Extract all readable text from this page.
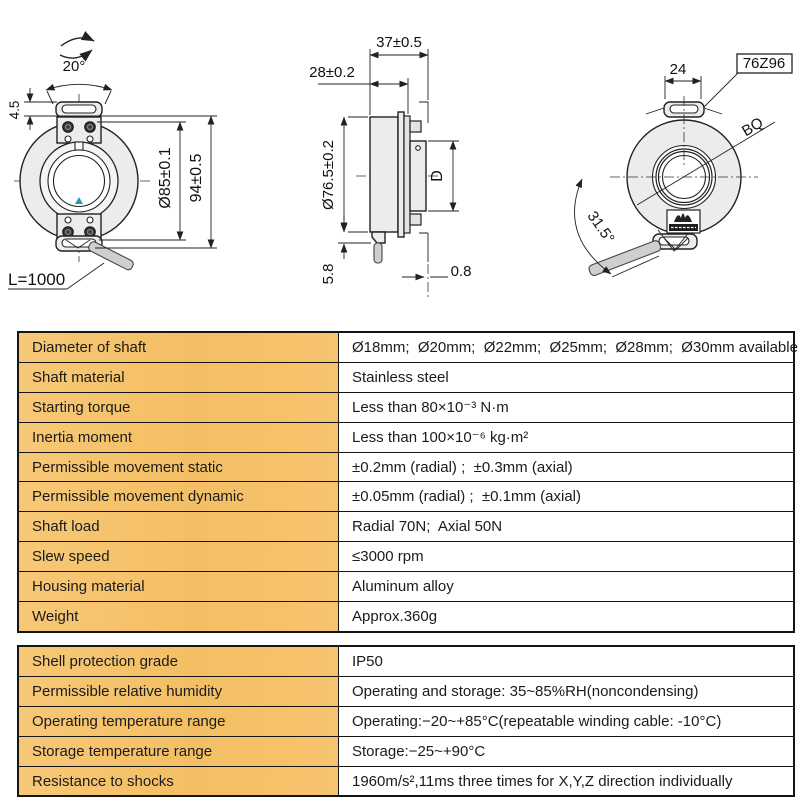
20°
4.5
Ø85±0.1 94±0.5
L=1000
37±0.5
28±0.2
Ø76.5±0.2
5.8
D
0.8
BQ
24	76Z96
31.5°
Diameter of shaft	Ø18mm;  Ø20mm;  Ø22mm;  Ø25mm;  Ø28mm;  Ø30mm available
Shaft material	Stainless steel
Starting torque	Less than 80×10⁻³ N·m
Inertia moment	Less than 100×10⁻⁶ kg·m²
Permissible movement static	±0.2mm (radial) ;  ±0.3mm (axial)
Permissible movement dynamic	±0.05mm (radial) ;  ±0.1mm (axial)
Shaft load	Radial 70N;  Axial 50N
Slew speed	≤3000 rpm
Housing material	Aluminum alloy
Weight	Approx.360g
Shell protection grade	IP50
Permissible relative humidity	Operating and storage: 35~85%RH(noncondensing)
Operating temperature range	Operating:−20~+85°C(repeatable winding cable: -10°C)
Storage temperature range	Storage:−25~+90°C
Resistance to shocks	1960m/s²,11ms three times for X,Y,Z direction individually
